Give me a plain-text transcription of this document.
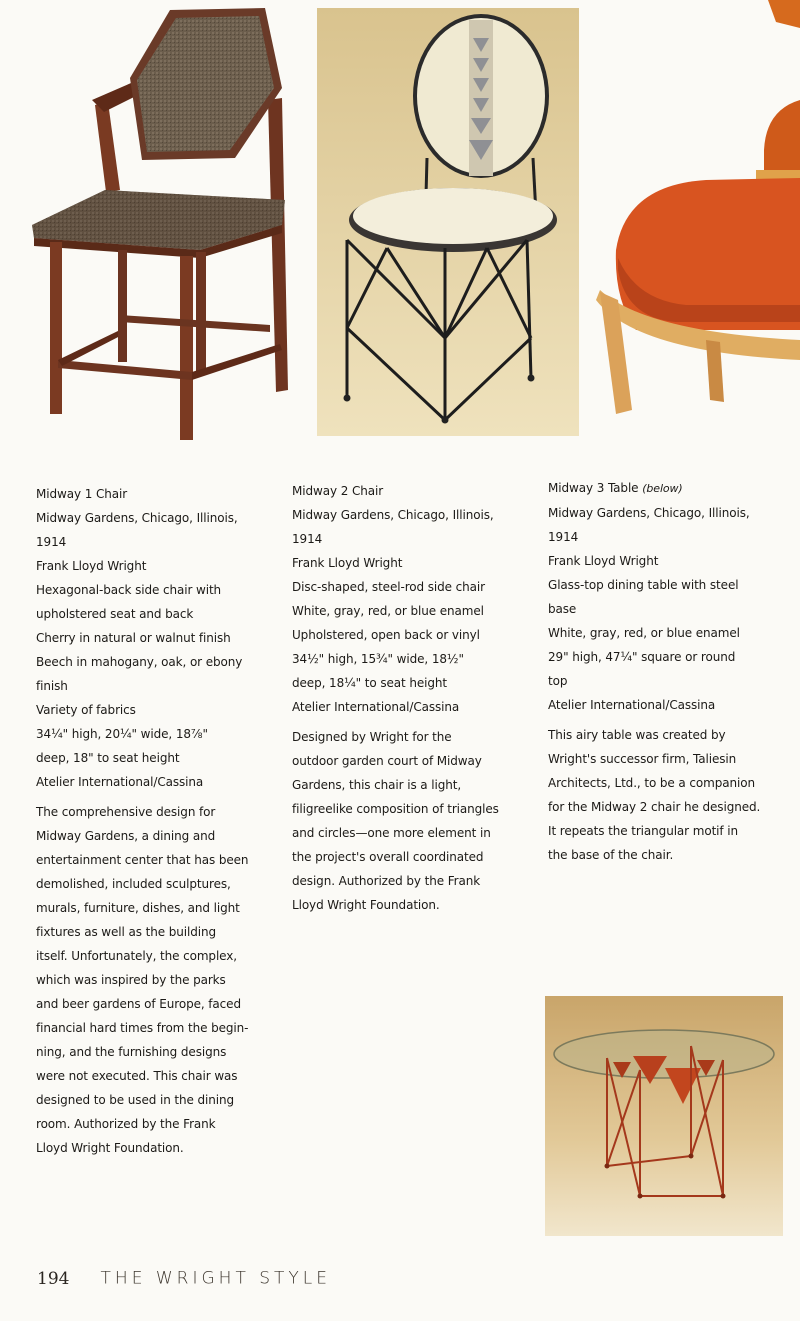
Midway 1 Chair

Midway Gardens, Chicago, Illinois,
1914
Frank Lloyd Wright
Hexagonal-back side chair with
upholstered seat and back
Cherry in natural or walnut finish
Beech in mahogany, oak, or ebony
finish
Variety of fabrics
34¼" high, 20¼" wide, 18⅞"
deep, 18" to seat height
Atelier International/Cassina

The comprehensive design for
Midway Gardens, a dining and
entertainment center that has been
demolished, included sculptures,
murals, furniture, dishes, and light
fixtures as well as the building
itself. Unfortunately, the complex,
which was inspired by the parks
and beer gardens of Europe, faced
financial hard times from the begin-
ning, and the furnishing designs
were not executed. This chair was
designed to be used in the dining
room. Authorized by the Frank
Lloyd Wright Foundation.

Midway 2 Chair

Midway Gardens, Chicago, Illinois,
1914
Frank Lloyd Wright
Disc-shaped, steel-rod side chair
White, gray, red, or blue enamel
Upholstered, open back or vinyl
34½" high, 15¾" wide, 18½"
deep, 18¼" to seat height
Atelier International/Cassina

Designed by Wright for the
outdoor garden court of Midway
Gardens, this chair is a light,
filigreelike composition of triangles
and circles—one more element in
the project's overall coordinated
design. Authorized by the Frank
Lloyd Wright Foundation.

Midway 3 Table (below)

Midway Gardens, Chicago, Illinois,
1914
Frank Lloyd Wright
Glass-top dining table with steel
base
White, gray, red, or blue enamel
29" high, 47¼" square or round
top
Atelier International/Cassina

This airy table was created by
Wright's successor firm, Taliesin
Architects, Ltd., to be a companion
for the Midway 2 chair he designed.
It repeats the triangular motif in
the base of the chair.

194 THE WRIGHT STYLE
